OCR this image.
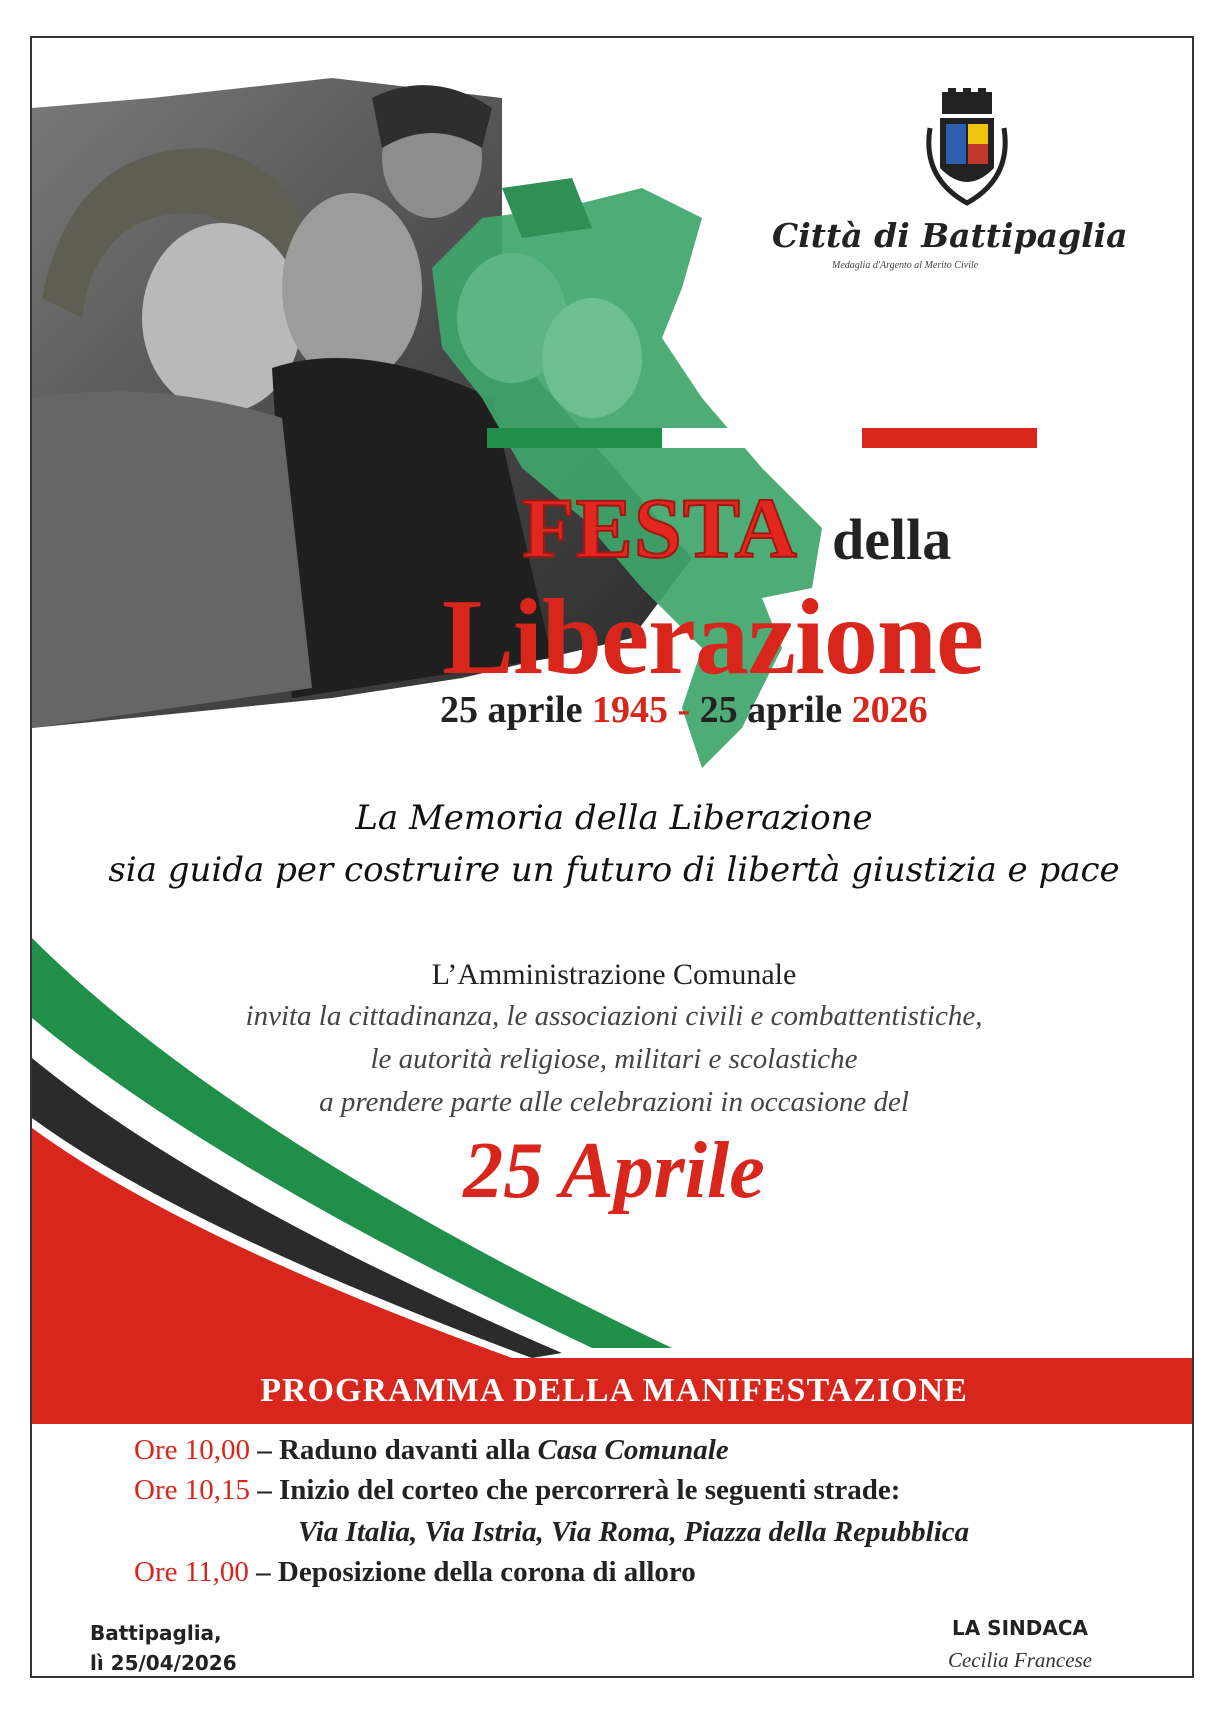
Città di Battipaglia
Medaglia d'Argento al Merito Civile
FESTA della
Liberazione
25 aprile 1945 - 25 aprile 2026
La Memoria della Liberazione
sia guida per costruire un futuro di libertà giustizia e pace
L’Amministrazione Comunale
invita la cittadinanza, le associazioni civili e combattentistiche,
le autorità religiose, militari e scolastiche
a prendere parte alle celebrazioni in occasione del
25 Aprile
PROGRAMMA DELLA MANIFESTAZIONE
Ore 10,00 – Raduno davanti alla Casa Comunale
Ore 10,15 – Inizio del corteo che percorrerà le seguenti strade:
Via Italia, Via Istria, Via Roma, Piazza della Repubblica
Ore 11,00 – Deposizione della corona di alloro
Battipaglia,
lì 25/04/2026
LA SINDACA
Cecilia Francese
